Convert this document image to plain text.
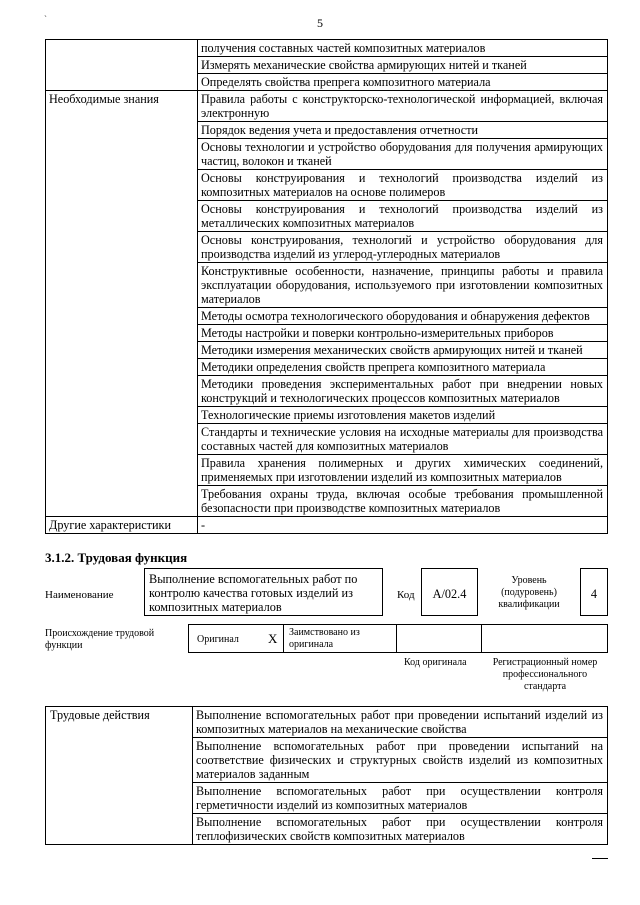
`	5
	получения составных частей композитных материалов
	Измерять механические свойства армирующих нитей и тканей
	Определять свойства препрега композитного материала
Необходимые знания	Правила работы с конструкторско-технологической информацией, включая электронную
	Порядок ведения учета и предоставления отчетности
	Основы технологии и устройство оборудования для получения армирующих частиц, волокон и тканей
	Основы конструирования и технологий производства изделий из композитных материалов на основе полимеров
	Основы конструирования и технологий производства изделий из металлических композитных материалов
	Основы конструирования, технологий и устройство оборудования для производства изделий из углерод-углеродных материалов
	Конструктивные особенности, назначение, принципы работы и правила эксплуатации оборудования, используемого при изготовлении композитных материалов
	Методы осмотра технологического оборудования и обнаружения дефектов
	Методы настройки и поверки контрольно-измерительных приборов
	Методики измерения механических свойств армирующих нитей и тканей
	Методики определения свойств препрега композитного материала
	Методики проведения экспериментальных работ при внедрении новых конструкций и технологических процессов композитных материалов
	Технологические приемы изготовления макетов изделий
	Стандарты и технические условия на исходные материалы для производства составных частей для композитных материалов
	Правила хранения полимерных и других химических соединений, применяемых при изготовлении изделий из композитных материалов
	Требования охраны труда, включая особые требования промышленной безопасности при производстве композитных материалов
Другие характеристики	-
3.1.2. Трудовая функция
Наименование
Выполнение вспомогательных работ по контролю качества готовых изделий из композитных материалов
Код	А/02.4
Уровень (подуровень) квалификации
4
Происхождение трудовой функции
Оригинал X Заимствовано из оригинала
Код оригинала	Регистрационный номер профессионального стандарта
Трудовые действия	Выполнение вспомогательных работ при проведении испытаний изделий из композитных материалов на механические свойства
Выполнение вспомогательных работ при проведении испытаний на соответствие физических и структурных свойств изделий из композитных материалов заданным
Выполнение вспомогательных работ при осуществлении контроля герметичности изделий из композитных материалов
Выполнение вспомогательных работ при осуществлении контроля теплофизических свойств композитных материалов
